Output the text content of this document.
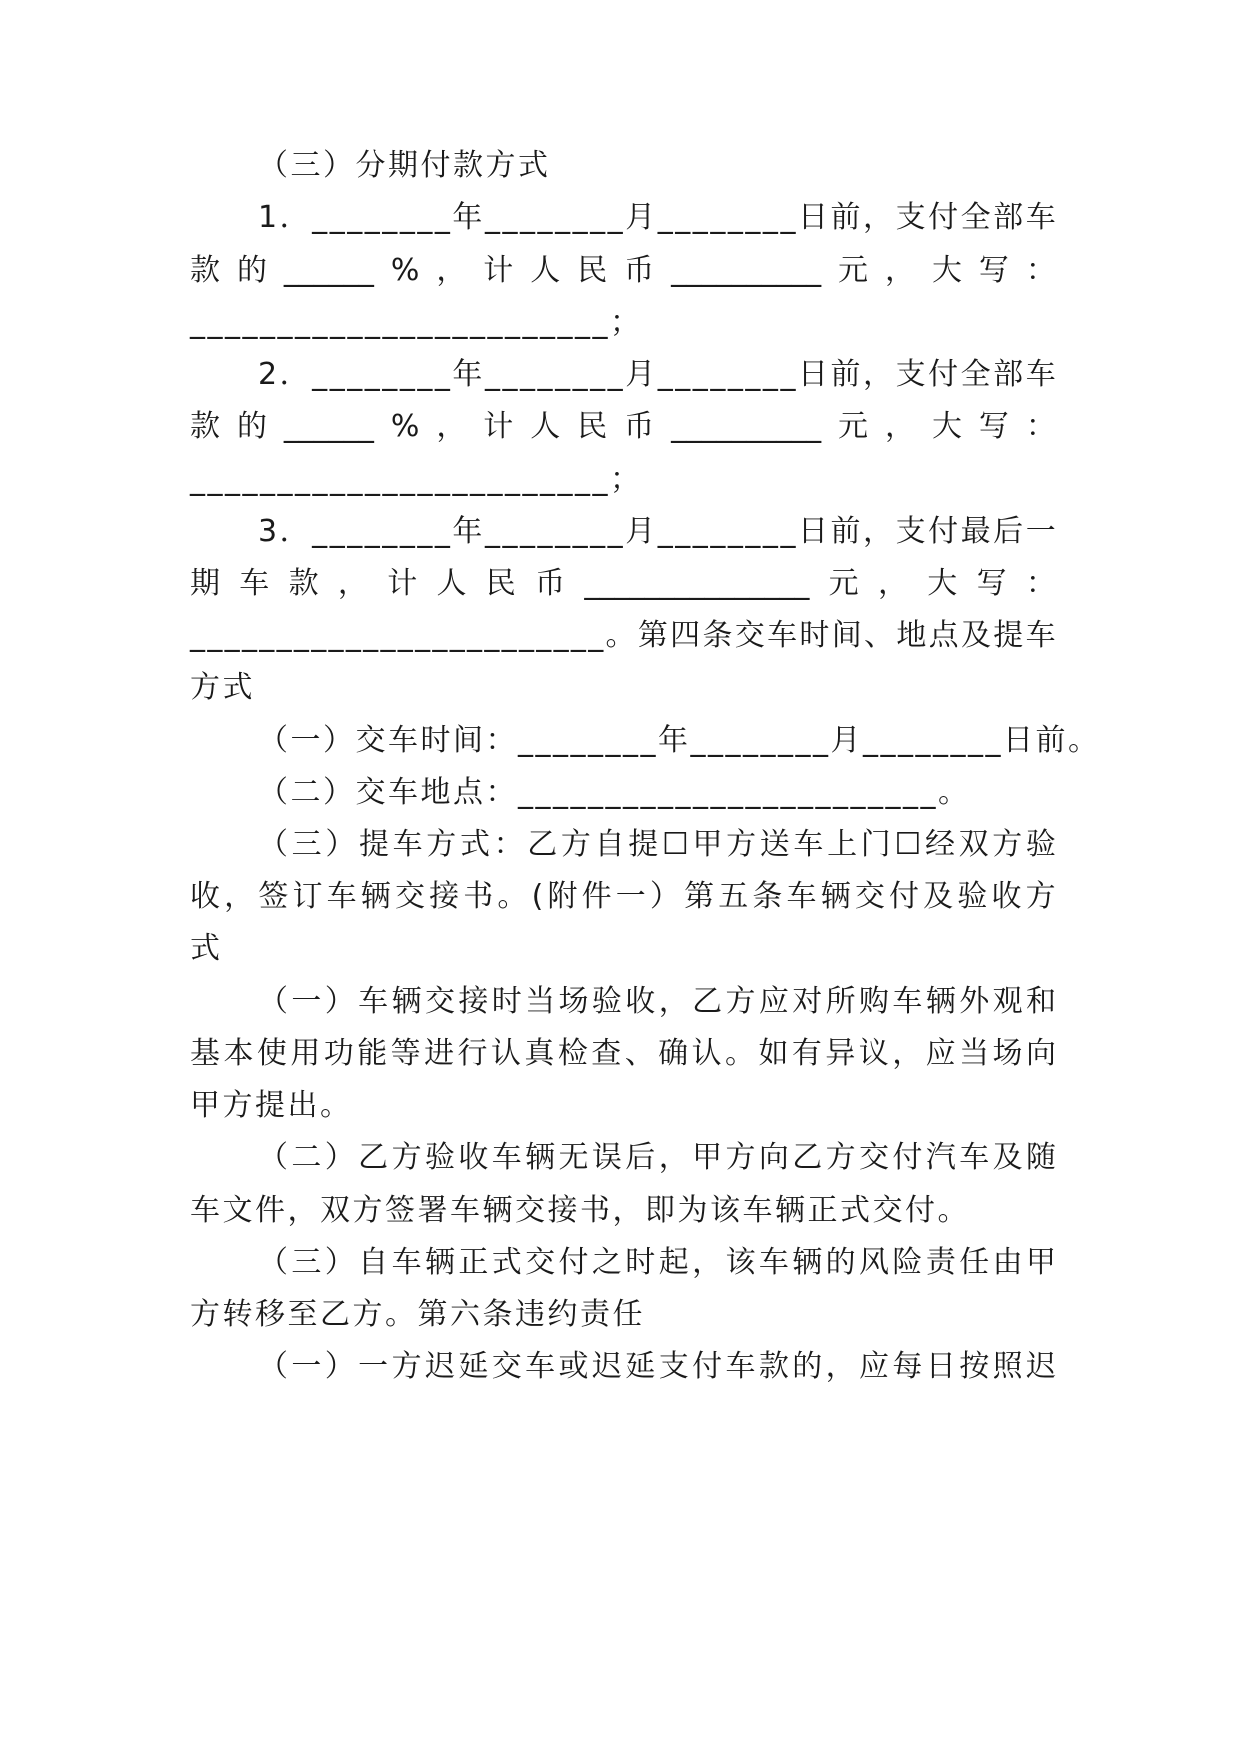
（三）分期付款方式
1 ． _ _ _ _ _ _ _ _ 年 _ _ _ _ _ _ _ _ 月 _ _ _ _ _ _ _ _ 日 前 ， 支 付 全 部 车
款 的 ______ % ， 计 人 民 币 __________ 元 ， 大 写 ：
________________________；
2 ． _ _ _ _ _ _ _ _ 年 _ _ _ _ _ _ _ _ 月 _ _ _ _ _ _ _ _ 日 前 ， 支 付 全 部 车
款 的 ______ % ， 计 人 民 币 __________ 元 ， 大 写 ：
________________________；
3 ． _ _ _ _ _ _ _ _ 年 _ _ _ _ _ _ _ _ 月 _ _ _ _ _ _ _ _ 日 前 ， 支 付 最 后 一
期 车 款 ， 计 人 民 币 _______________ 元 ， 大 写 ：
_ _ _ _ _ _ _ _ _ _ _ _ _ _ _ _ _ _ _ _ _ _ _ _ 。 第 四 条 交 车 时 间 、 地 点 及 提 车
方式
（一）交车时间：________年________月________日前。
（二）交车地点：________________________。
（ 三 ） 提 车 方 式 ： 乙 方 自 提 ☐ 甲 方 送 车 上 门 ☐ 经 双 方 验
收 ， 签 订 车 辆 交 接 书 。 ( 附 件 一 ） 第 五 条 车 辆 交 付 及 验 收 方
式
（ 一 ） 车 辆 交 接 时 当 场 验 收 ， 乙 方 应 对 所 购 车 辆 外 观 和
基 本 使 用 功 能 等 进 行 认 真 检 查 、 确 认 。 如 有 异 议 ， 应 当 场 向
甲方提出。
（ 二 ） 乙 方 验 收 车 辆 无 误 后 ， 甲 方 向 乙 方 交 付 汽 车 及 随
车文件，双方签署车辆交接书，即为该车辆正式交付。
（ 三 ） 自 车 辆 正 式 交 付 之 时 起 ， 该 车 辆 的 风 险 责 任 由 甲
方转移至乙方。第六条违约责任
（ 一 ） 一 方 迟 延 交 车 或 迟 延 支 付 车 款 的 ， 应 每 日 按 照 迟
